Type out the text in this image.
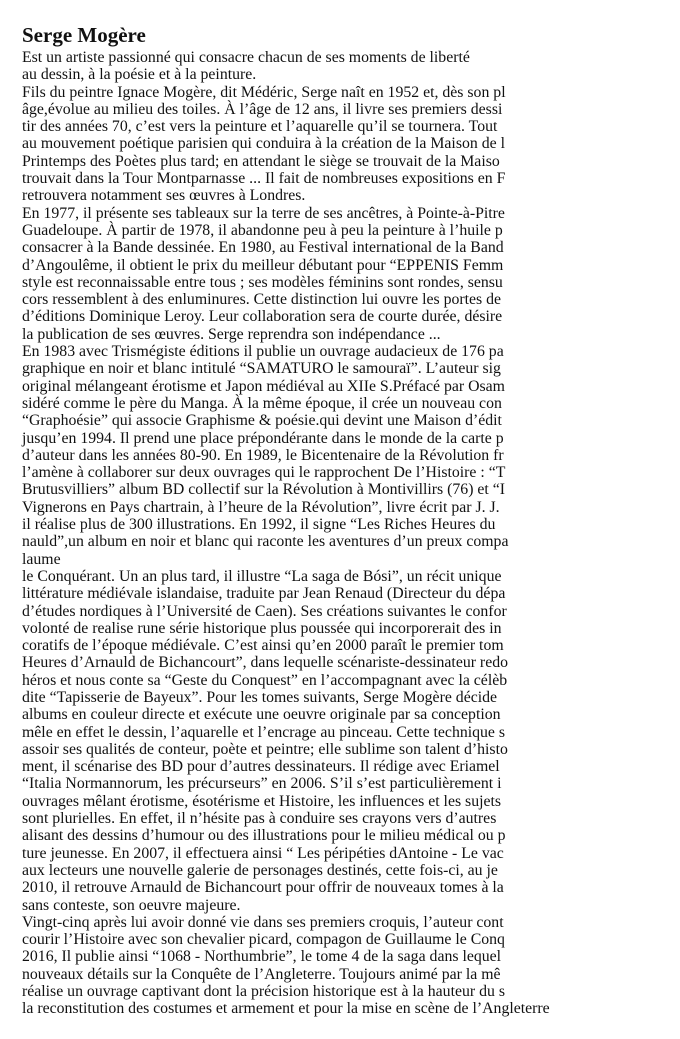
Serge Mogère
Est un artiste passionné qui consacre chacun de ses moments de liberté
au dessin, à la poésie et à la peinture.
Fils du peintre Ignace Mogère, dit Médéric, Serge naît en 1952 et, dès son pl
âge,évolue au milieu des toiles. À l’âge de 12 ans, il livre ses premiers dessi
tir des années 70, c’est vers la peinture et l’aquarelle qu’il se tournera. Tout
au mouvement poétique parisien qui conduira à la création de la Maison de l
Printemps des Poètes plus tard; en attendant le siège se trouvait de la Maiso
trouvait dans la Tour Montparnasse ... Il fait de nombreuses expositions en F
retrouvera notamment ses œuvres à Londres.
En 1977, il présente ses tableaux sur la terre de ses ancêtres, à Pointe-à-Pitre
Guadeloupe. À partir de 1978, il abandonne peu à peu la peinture à l’huile p
consacrer à la Bande dessinée. En 1980, au Festival international de la Band
d’Angoulême, il obtient le prix du meilleur débutant pour “EPPENIS Femm
style est reconnaissable entre tous ; ses modèles féminins sont rondes, sensu
cors ressemblent à des enluminures. Cette distinction lui ouvre les portes de
d’éditions Dominique Leroy. Leur collaboration sera de courte durée, désire
la publication de ses œuvres. Serge reprendra son indépendance ...
En 1983 avec Trismégiste éditions il publie un ouvrage audacieux de 176 pa
graphique en noir et blanc intitulé “SAMATURO le samouraï”. L’auteur sig
original mélangeant érotisme et Japon médiéval au XIIe S.Préfacé par Osam
sidéré comme le père du Manga. À la même époque, il crée un nouveau con
“Graphoésie” qui associe Graphisme & poésie.qui devint une Maison d’édit
jusqu’en 1994. Il prend une place prépondérante dans le monde de la carte p
d’auteur dans les années 80-90. En 1989, le Bicentenaire de la Révolution fr
l’amène à collaborer sur deux ouvrages qui le rapprochent De l’Histoire : “T
Brutusvilliers” album BD collectif sur la Révolution à Montivillirs (76) et “I
Vignerons en Pays chartrain, à l’heure de la Révolution”, livre écrit par J. J.
il réalise plus de 300 illustrations. En 1992, il signe “Les Riches Heures du
nauld”,un album en noir et blanc qui raconte les aventures d’un preux compa
laume
le Conquérant. Un an plus tard, il illustre “La saga de Bósi”, un récit unique
littérature médiévale islandaise, traduite par Jean Renaud (Directeur du dépa
d’études nordiques à l’Université de Caen). Ses créations suivantes le confor
volonté de realise rune série historique plus poussée qui incorporerait des in
coratifs de l’époque médiévale. C’est ainsi qu’en 2000 paraît le premier tom
Heures d’Arnauld de Bichancourt”, dans lequelle scénariste-dessinateur redo
héros et nous conte sa “Geste du Conquest” en l’accompagnant avec la célèb
dite “Tapisserie de Bayeux”. Pour les tomes suivants, Serge Mogère décide
albums en couleur directe et exécute une oeuvre originale par sa conception
mêle en effet le dessin, l’aquarelle et l’encrage au pinceau. Cette technique s
assoir ses qualités de conteur, poète et peintre; elle sublime son talent d’histo
ment, il scénarise des BD pour d’autres dessinateurs. Il rédige avec Eriamel
“Italia Normannorum, les précurseurs” en 2006. S’il s’est particulièrement i
ouvrages mêlant érotisme, ésotérisme et Histoire, les influences et les sujets
sont plurielles. En effet, il n’hésite pas à conduire ses crayons vers d’autres
alisant des dessins d’humour ou des illustrations pour le milieu médical ou p
ture jeunesse. En 2007, il effectuera ainsi “ Les péripéties dAntoine - Le vac
aux lecteurs une nouvelle galerie de personages destinés, cette fois-ci, au je
2010, il retrouve Arnauld de Bichancourt pour offrir de nouveaux tomes à la
sans conteste, son oeuvre majeure.
Vingt-cinq après lui avoir donné vie dans ses premiers croquis, l’auteur cont
courir l’Histoire avec son chevalier picard, compagon de Guillaume le Conq
2016, Il publie ainsi “1068 - Northumbrie”, le tome 4 de la saga dans lequel
nouveaux détails sur la Conquête de l’Angleterre. Toujours animé par la mê
réalise un ouvrage captivant dont la précision historique est à la hauteur du s
la reconstitution des costumes et armement et pour la mise en scène de l’Angleterre
